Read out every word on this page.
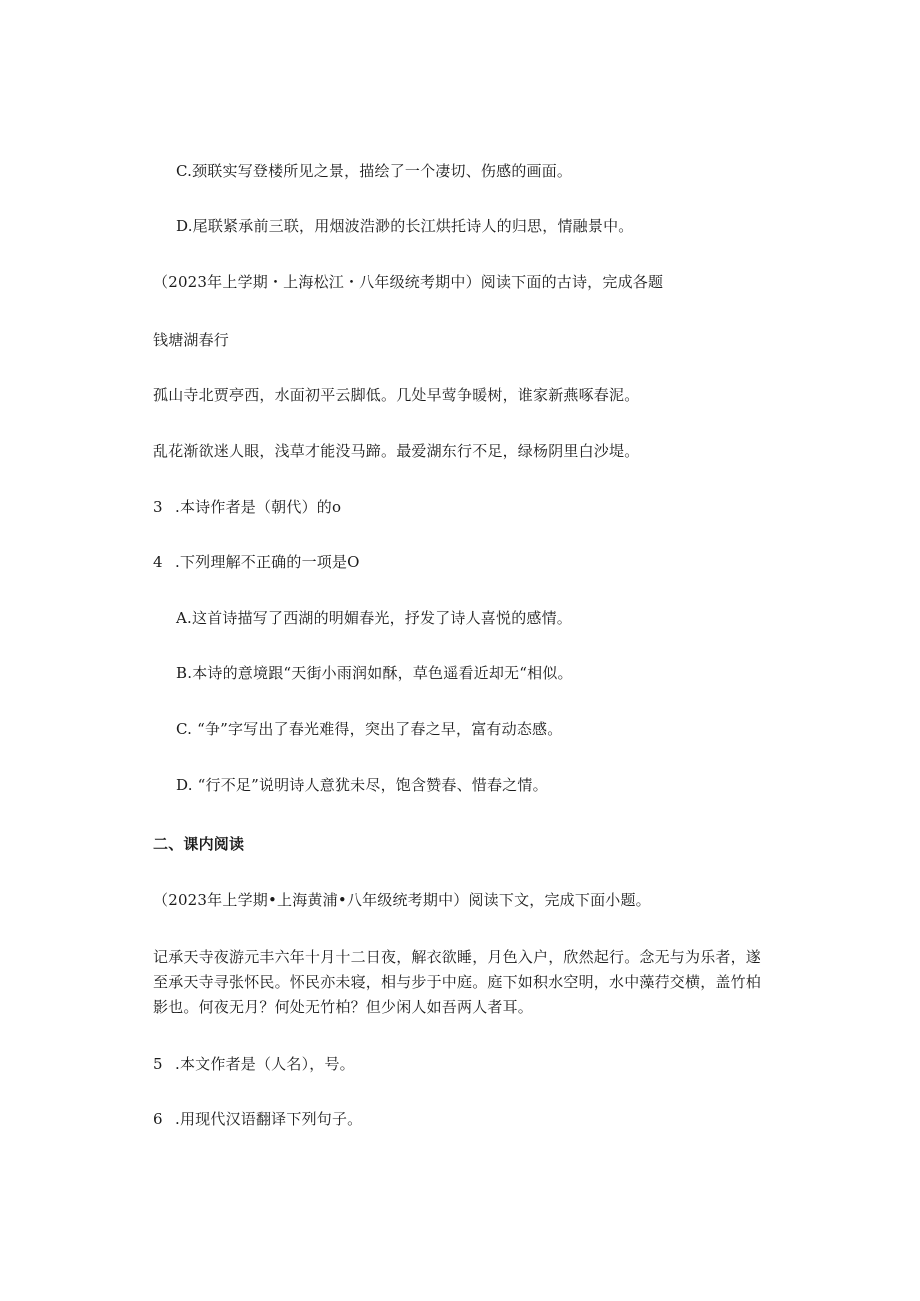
C.颈联实写登楼所见之景，描绘了一个凄切、伤感的画面。
D.尾联紧承前三联，用烟波浩渺的长江烘托诗人的归思，情融景中。
（2023年上学期・上海松江・八年级统考期中）阅读下面的古诗，完成各题
钱塘湖春行
孤山寺北贾亭西，水面初平云脚低。几处早莺争暖树，谁家新燕啄春泥。
乱花渐欲迷人眼，浅草才能没马蹄。最爱湖东行不足，绿杨阴里白沙堤。
3 .本诗作者是（朝代）的o
4 .下列理解不正确的一项是O
A.这首诗描写了西湖的明媚春光，抒发了诗人喜悦的感情。
B.本诗的意境跟“天街小雨润如酥，草色遥看近却无“相似。
C. “争”字写出了春光难得，突出了春之早，富有动态感。
D. “行不足”说明诗人意犹未尽，饱含赞春、惜春之情。
二、课内阅读
（2023年上学期•上海黄浦•八年级统考期中）阅读下文，完成下面小题。
记承天寺夜游元丰六年十月十二日夜，解衣欲睡，月色入户，欣然起行。念无与为乐者，遂至承天寺寻张怀民。怀民亦未寝，相与步于中庭。庭下如积水空明，水中藻荇交横，盖竹柏影也。何夜无月？何处无竹柏？但少闲人如吾两人者耳。
5 .本文作者是（人名），号。
6 .用现代汉语翻译下列句子。
